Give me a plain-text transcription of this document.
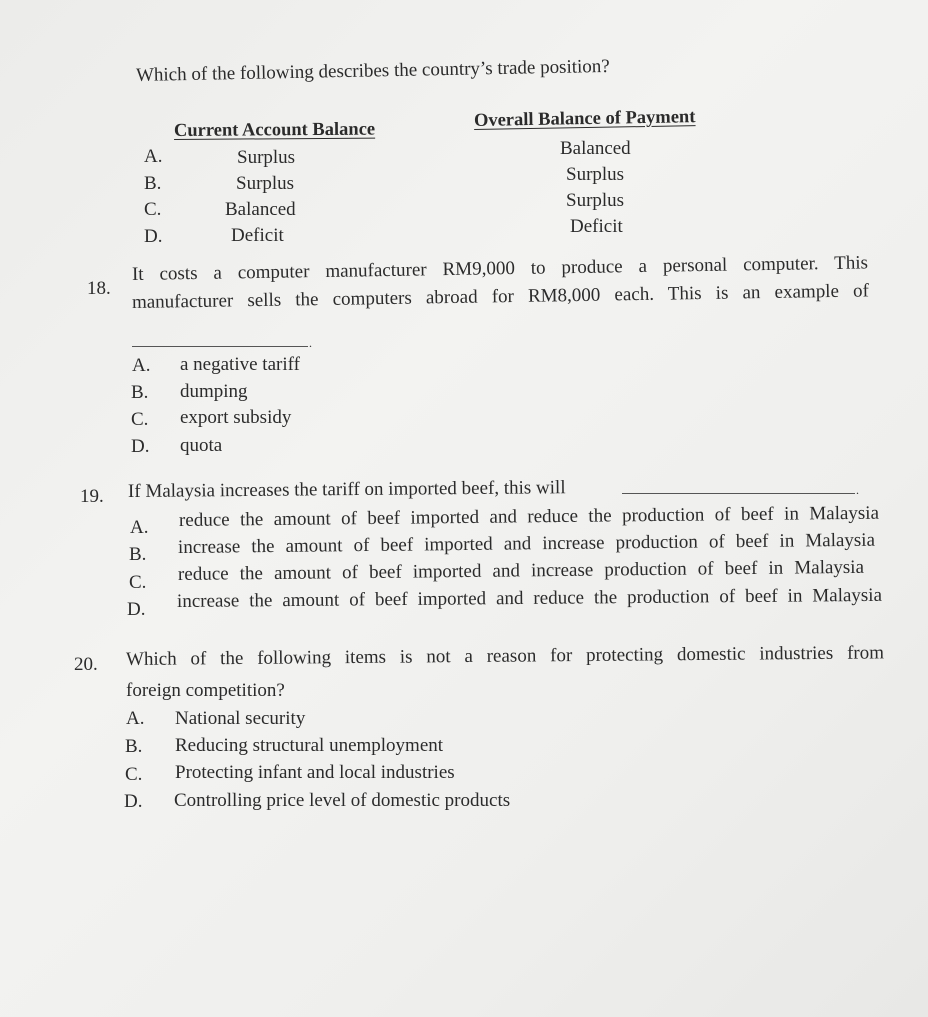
Which of the following describes the country’s trade position?
Current Account Balance	Overall Balance of Payment
A.	Surplus	Balanced
B.	Surplus	Surplus
C.	Balanced	Surplus
D.	Deficit	Deficit
18.
It costs a computer manufacturer RM9,000 to produce a personal computer. This
manufacturer sells the computers abroad for RM8,000 each. This is an example of
.
A. a negative tariff
B. dumping
C. export subsidy
D. quota
19. If Malaysia increases the tariff on imported beef, this will	.
A. reduce the amount of beef imported and reduce the production of beef in Malaysia
B. increase the amount of beef imported and increase production of beef in Malaysia
C. reduce the amount of beef imported and increase production of beef in Malaysia
D. increase the amount of beef imported and reduce the production of beef in Malaysia
20. Which of the following items is not a reason for protecting domestic industries from
foreign competition?
A. National security
B. Reducing structural unemployment
C. Protecting infant and local industries
D. Controlling price level of domestic products
